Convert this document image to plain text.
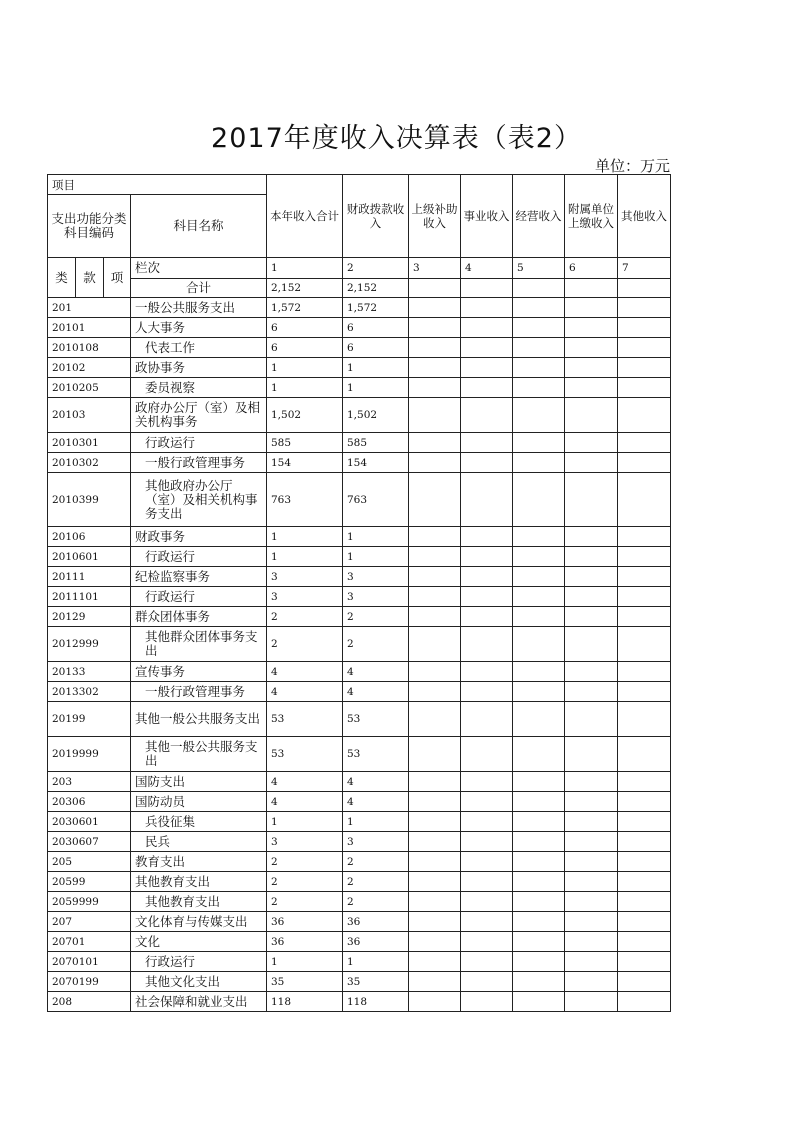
2017年度收入决算表（表2）
单位：万元
项目				本年收入合计	财政拨款收入	上级补助收入	事业收入	经营收入	附属单位上缴收入	其他收入
支出功能分类科目编码			科目名称							
类	款	项	栏次	1	2	3	4	5	6	7
			合计	2,152	2,152					
201			一般公共服务支出	1,572	1,572					
20101			人大事务	6	6					
2010108			代表工作	6	6					
20102			政协事务	1	1					
2010205			委员视察	1	1					
20103			政府办公厅（室）及相关机构事务	1,502	1,502					
2010301			行政运行	585	585					
2010302			一般行政管理事务	154	154					
2010399			其他政府办公厅（室）及相关机构事务支出	763	763					
20106			财政事务	1	1					
2010601			行政运行	1	1					
20111			纪检监察事务	3	3					
2011101			行政运行	3	3					
20129			群众团体事务	2	2					
2012999			其他群众团体事务支出	2	2					
20133			宣传事务	4	4					
2013302			一般行政管理事务	4	4					
20199			其他一般公共服务支出	53	53					
2019999			其他一般公共服务支出	53	53					
203			国防支出	4	4					
20306			国防动员	4	4					
2030601			兵役征集	1	1					
2030607			民兵	3	3					
205			教育支出	2	2					
20599			其他教育支出	2	2					
2059999			其他教育支出	2	2					
207			文化体育与传媒支出	36	36					
20701			文化	36	36					
2070101			行政运行	1	1					
2070199			其他文化支出	35	35					
208			社会保障和就业支出	118	118					
